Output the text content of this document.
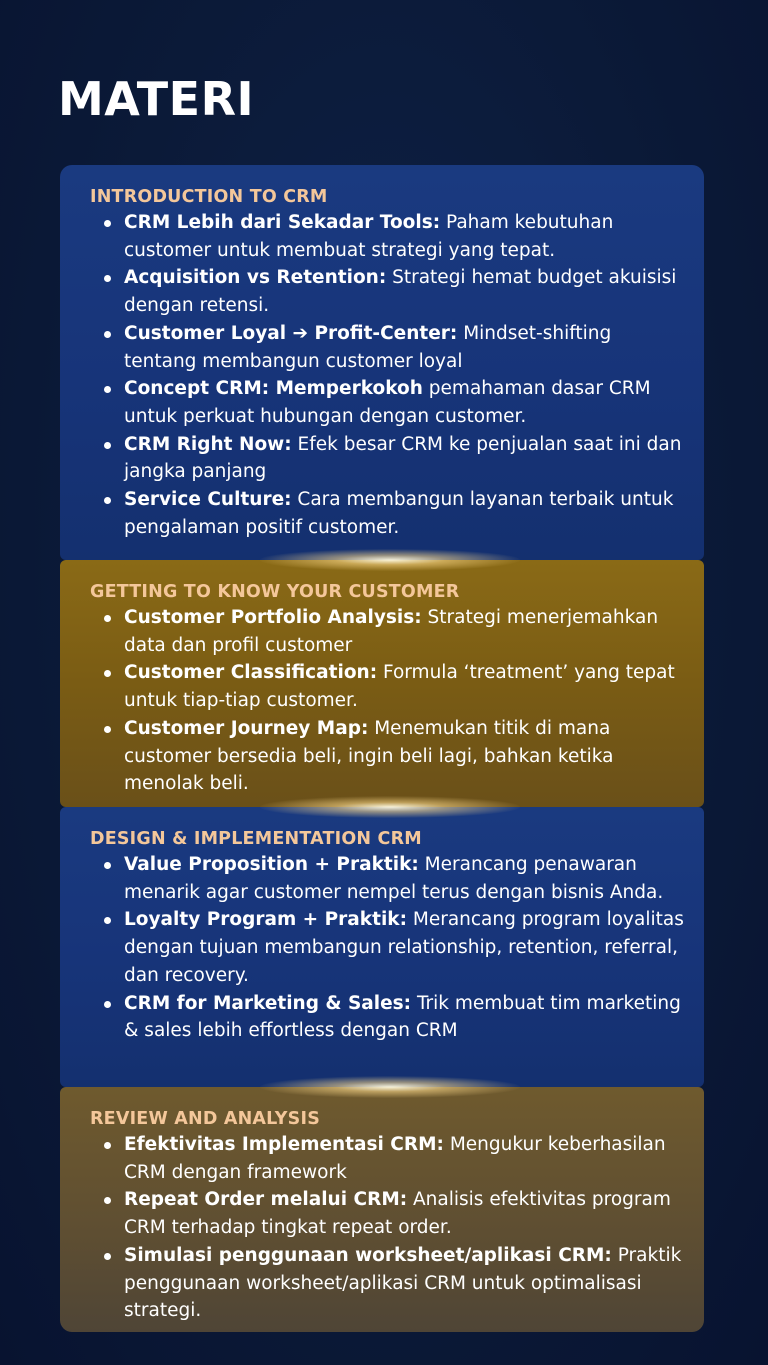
MATERI
INTRODUCTION TO CRM
CRM Lebih dari Sekadar Tools: Paham kebutuhan customer untuk membuat strategi yang tepat.
Acquisition vs Retention: Strategi hemat budget akuisisi dengan retensi.
Customer Loyal ➔ Profit-Center: Mindset-shifting tentang membangun customer loyal
Concept CRM: Memperkokoh pemahaman dasar CRM untuk perkuat hubungan dengan customer.
CRM Right Now: Efek besar CRM ke penjualan saat ini dan jangka panjang
Service Culture: Cara membangun layanan terbaik untuk pengalaman positif customer.
GETTING TO KNOW YOUR CUSTOMER
Customer Portfolio Analysis: Strategi menerjemahkan data dan profil customer
Customer Classification: Formula ‘treatment’ yang tepat untuk tiap-tiap customer.
Customer Journey Map: Menemukan titik di mana customer bersedia beli, ingin beli lagi, bahkan ketika menolak beli.
DESIGN & IMPLEMENTATION CRM
Value Proposition + Praktik: Merancang penawaran menarik agar customer nempel terus dengan bisnis Anda.
Loyalty Program + Praktik: Merancang program loyalitas dengan tujuan membangun relationship, retention, referral, dan recovery.
CRM for Marketing & Sales: Trik membuat tim marketing & sales lebih effortless dengan CRM
REVIEW AND ANALYSIS
Efektivitas Implementasi CRM: Mengukur keberhasilan CRM dengan framework
Repeat Order melalui CRM: Analisis efektivitas program CRM terhadap tingkat repeat order.
Simulasi penggunaan worksheet/aplikasi CRM: Praktik penggunaan worksheet/aplikasi CRM untuk optimalisasi strategi.
